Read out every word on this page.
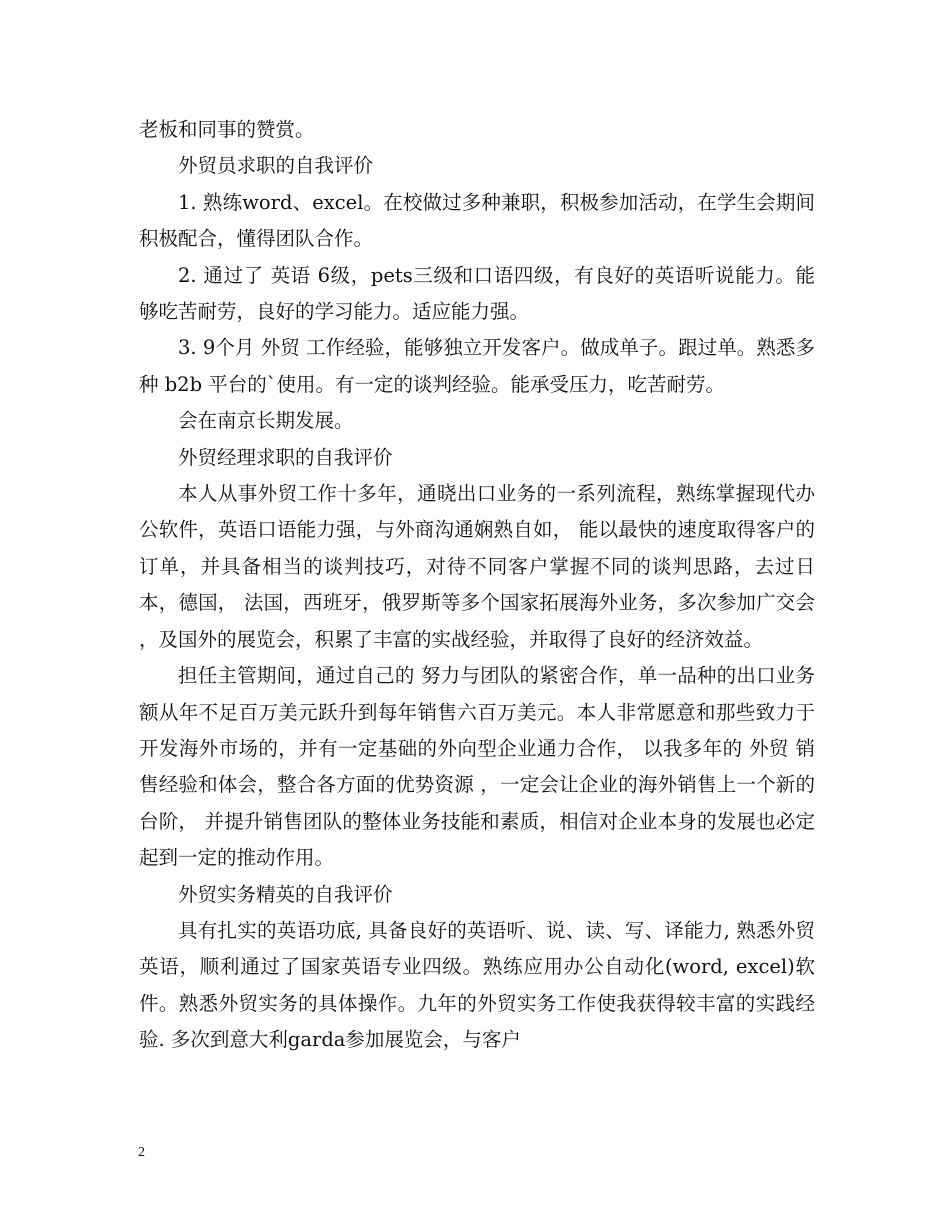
老板和同事的赞赏。

外贸员求职的自我评价

1. 熟练word、excel。在校做过多种兼职，积极参加活动，在学生会期间积极配合，懂得团队合作。

2. 通过了 英语 6级，pets三级和口语四级，有良好的英语听说能力。能够吃苦耐劳，良好的学习能力。适应能力强。

3. 9个月 外贸 工作经验，能够独立开发客户。做成单子。跟过单。熟悉多种 b2b 平台的`使用。有一定的谈判经验。能承受压力，吃苦耐劳。

会在南京长期发展。

外贸经理求职的自我评价

本人从事外贸工作十多年，通晓出口业务的一系列流程，熟练掌握现代办公软件，英语口语能力强，与外商沟通娴熟自如， 能以最快的速度取得客户的订单，并具备相当的谈判技巧，对待不同客户掌握不同的谈判思路，去过日本，德国， 法国，西班牙，俄罗斯等多个国家拓展海外业务，多次参加广交会 ，及国外的展览会，积累了丰富的实战经验，并取得了良好的经济效益。

担任主管期间，通过自己的 努力与团队的紧密合作，单一品种的出口业务额从年不足百万美元跃升到每年销售六百万美元。本人非常愿意和那些致力于开发海外市场的，并有一定基础的外向型企业通力合作， 以我多年的 外贸 销售经验和体会，整合各方面的优势资源 ，一定会让企业的海外销售上一个新的台阶， 并提升销售团队的整体业务技能和素质，相信对企业本身的发展也必定起到一定的推动作用。

外贸实务精英的自我评价

具有扎实的英语功底, 具备良好的英语听、说、读、写、译能力, 熟悉外贸英语，顺利通过了国家英语专业四级。熟练应用办公自动化(word, excel)软件。熟悉外贸实务的具体操作。九年的外贸实务工作使我获得较丰富的实践经验. 多次到意大利garda参加展览会，与客户

2
